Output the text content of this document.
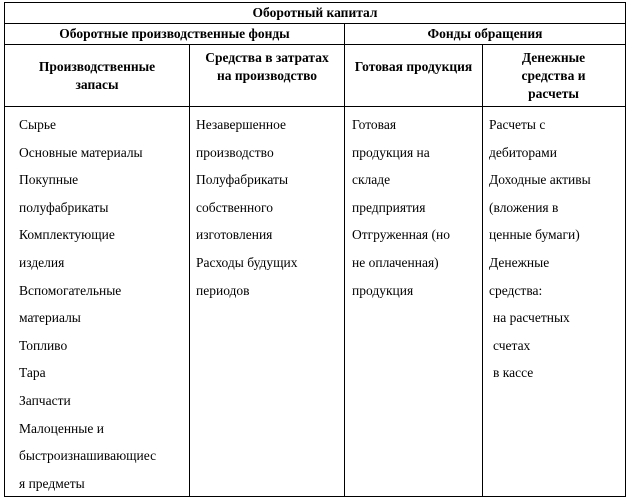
Оборотный капитал
Оборотные производственные фонды	Фонды обращения
Производственные запасы
Средства в затратах на производство
Готовая продукция
Денежные средства и расчеты
Сырье
Основные материалы
Покупные
полуфабрикаты
Комплектующие
изделия
Вспомогательные
материалы
Топливо
Тара
Запчасти
Малоценные и
быстроизнашивающиес
я предметы
Незавершенное
производство
Полуфабрикаты
собственного
изготовления
Расходы будущих
периодов
Готовая
продукция на
складе
предприятия
Отгруженная (но
не оплаченная)
продукция
Расчеты с
дебиторами
Доходные активы
(вложения в
ценные бумаги)
Денежные
средства:
на расчетных
счетах
в кассе
